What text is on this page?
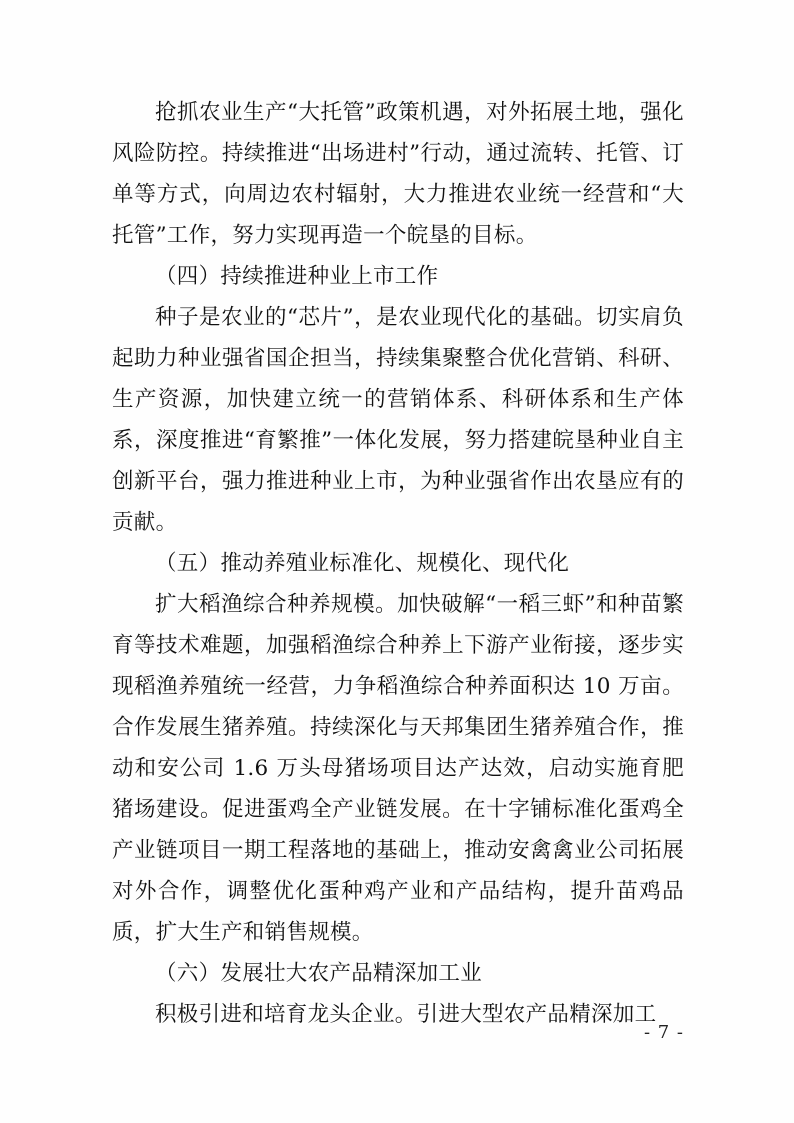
抢抓农业生产“大托管”政策机遇，对外拓展土地，强化风险防控。持续推进“出场进村”行动，通过流转、托管、订单等方式，向周边农村辐射，大力推进农业统一经营和“大托管”工作，努力实现再造一个皖垦的目标。

（四）持续推进种业上市工作

种子是农业的“芯片”，是农业现代化的基础。切实肩负起助力种业强省国企担当，持续集聚整合优化营销、科研、生产资源，加快建立统一的营销体系、科研体系和生产体系，深度推进“育繁推”一体化发展，努力搭建皖垦种业自主创新平台，强力推进种业上市，为种业强省作出农垦应有的贡献。

（五）推动养殖业标准化、规模化、现代化

扩大稻渔综合种养规模。加快破解“一稻三虾”和种苗繁育等技术难题，加强稻渔综合种养上下游产业衔接，逐步实现稻渔养殖统一经营，力争稻渔综合种养面积达 10 万亩。合作发展生猪养殖。持续深化与天邦集团生猪养殖合作，推动和安公司 1.6 万头母猪场项目达产达效，启动实施育肥猪场建设。促进蛋鸡全产业链发展。在十字铺标准化蛋鸡全产业链项目一期工程落地的基础上，推动安禽禽业公司拓展对外合作，调整优化蛋种鸡产业和产品结构，提升苗鸡品质，扩大生产和销售规模。

（六）发展壮大农产品精深加工业

积极引进和培育龙头企业。引进大型农产品精深加工

- 7 -
